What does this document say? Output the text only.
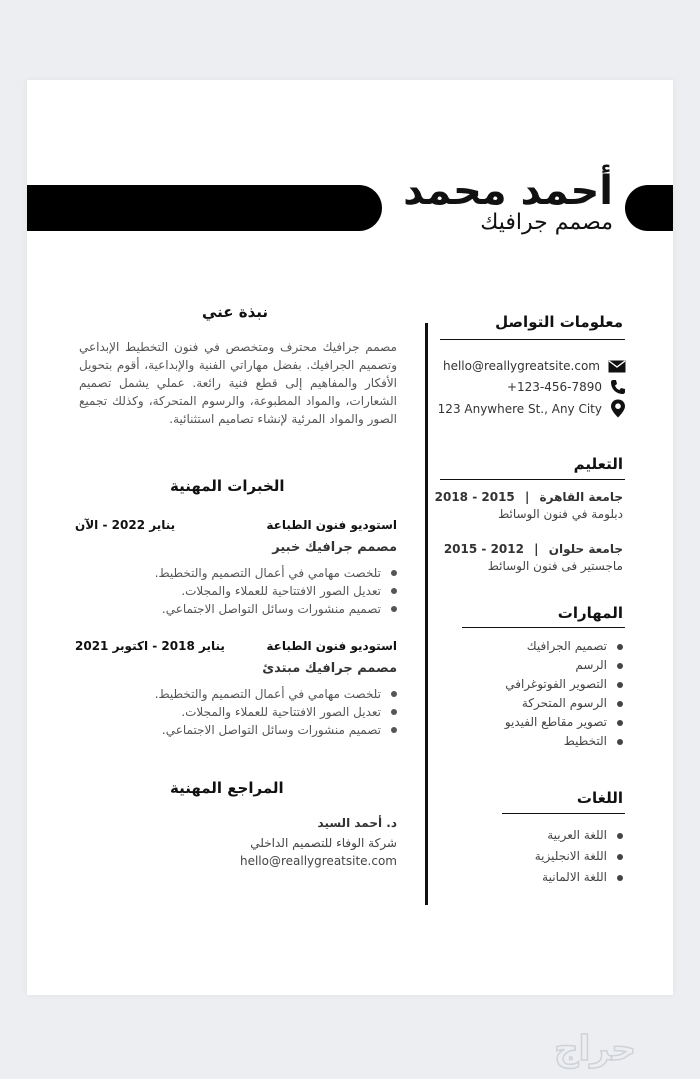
أحمد محمد
مصمم جرافيك
معلومات التواصل
hello@reallygreatsite.com
+123-456-7890
123 Anywhere St., Any City
التعليم
جامعة القاهرة | 2015 - 2018
دبلومة في فنون الوسائط
جامعة حلوان | 2012 - 2015
ماجستير فى فنون الوسائط
المهارات
تصميم الجرافيك
الرسم
التصوير الفوتوغرافي
الرسوم المتحركة
تصوير مقاطع الفيديو
التخطيط
اللغات
اللغة العربية
اللغة الانجليزية
اللغة الالمانية
نبذة عني
مصمم جرافيك محترف ومتخصص في فنون التخطيط الإبداعي وتصميم الجرافيك. بفضل مهاراتي الفنية والإبداعية، أقوم بتحويل الأفكار والمفاهيم إلى قطع فنية رائعة. عملي يشمل تصميم الشعارات، والمواد المطبوعة، والرسوم المتحركة، وكذلك تجميع الصور والمواد المرئية لإنشاء تصاميم استثنائية.
الخبرات المهنية
استوديو فنون الطباعة
يناير 2022 - الآن
مصمم جرافيك خبير
تلخصت مهامي في أعمال التصميم والتخطيط.
تعديل الصور الافتتاحية للعملاء والمجلات.
تصميم منشورات وسائل التواصل الاجتماعي.
استوديو فنون الطباعة
يناير 2018 - اكتوبر 2021
مصمم جرافيك مبتدئ
تلخصت مهامي في أعمال التصميم والتخطيط.
تعديل الصور الافتتاحية للعملاء والمجلات.
تصميم منشورات وسائل التواصل الاجتماعي.
المراجع المهنية
د. أحمد السيد
شركة الوفاء للتصميم الداخلي
hello@reallygreatsite.com
حراج
